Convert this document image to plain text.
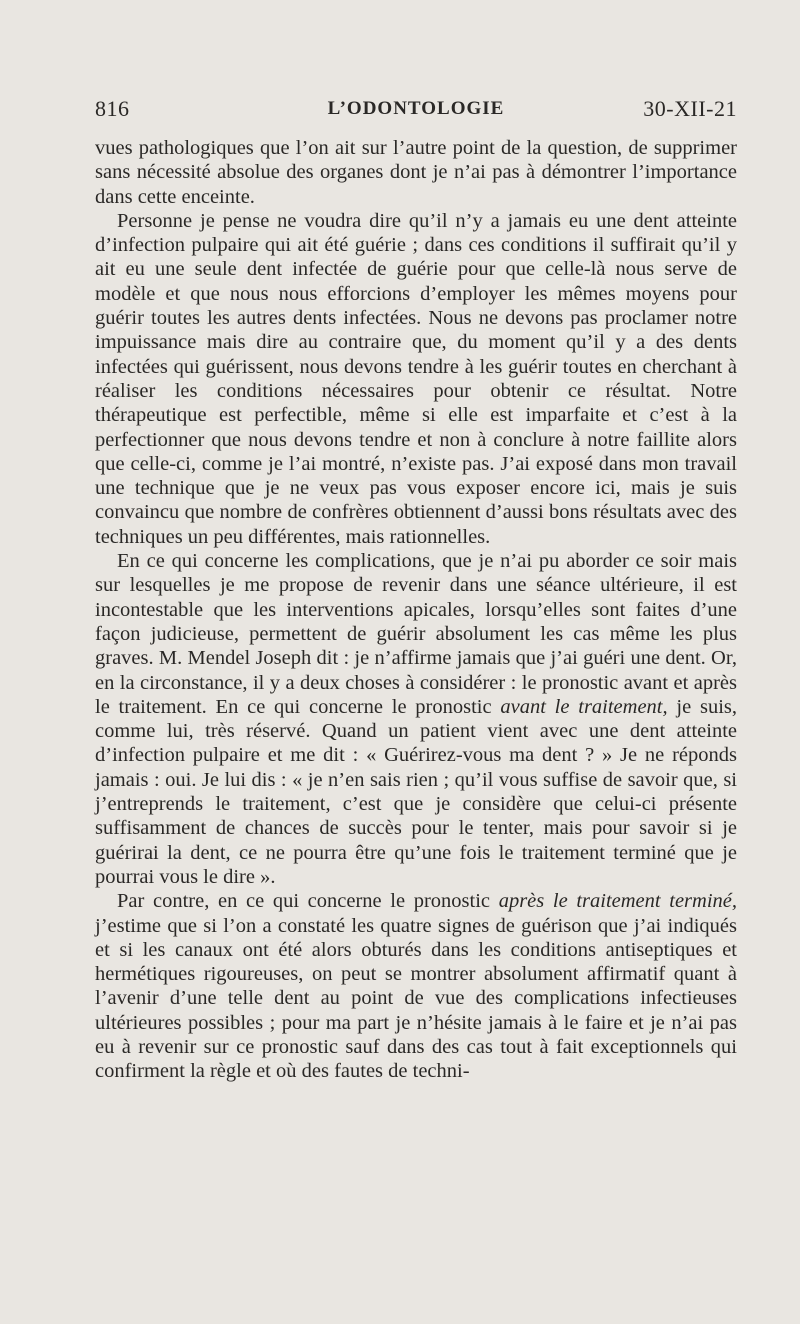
816	L’ODONTOLOGIE	30-XII-21

vues pathologiques que l’on ait sur l’autre point de la question, de supprimer sans nécessité absolue des organes dont je n’ai pas à démontrer l’importance dans cette enceinte.

Personne je pense ne voudra dire qu’il n’y a jamais eu une dent atteinte d’infection pulpaire qui ait été guérie ; dans ces conditions il suffirait qu’il y ait eu une seule dent infectée de guérie pour que celle-là nous serve de modèle et que nous nous efforcions d’employer les mêmes moyens pour guérir toutes les autres dents infectées. Nous ne devons pas proclamer notre impuissance mais dire au contraire que, du moment qu’il y a des dents infectées qui guérissent, nous devons tendre à les guérir toutes en cherchant à réaliser les conditions nécessaires pour obtenir ce résultat. Notre thérapeutique est perfectible, même si elle est imparfaite et c’est à la perfectionner que nous devons tendre et non à conclure à notre faillite alors que celle-ci, comme je l’ai montré, n’existe pas. J’ai exposé dans mon travail une technique que je ne veux pas vous exposer encore ici, mais je suis convaincu que nombre de confrères obtiennent d’aussi bons résultats avec des techniques un peu différentes, mais rationnelles.

En ce qui concerne les complications, que je n’ai pu aborder ce soir mais sur lesquelles je me propose de revenir dans une séance ultérieure, il est incontestable que les interventions apicales, lorsqu’elles sont faites d’une façon judicieuse, permettent de guérir absolument les cas même les plus graves. M. Mendel Joseph dit : je n’affirme jamais que j’ai guéri une dent. Or, en la circonstance, il y a deux choses à considérer : le pronostic avant et après le traitement. En ce qui concerne le pronostic avant le traitement, je suis, comme lui, très réservé. Quand un patient vient avec une dent atteinte d’infection pulpaire et me dit : « Guérirez-vous ma dent ? » Je ne réponds jamais : oui. Je lui dis : « je n’en sais rien ; qu’il vous suffise de savoir que, si j’entreprends le traitement, c’est que je considère que celui-ci présente suffisamment de chances de succès pour le tenter, mais pour savoir si je guérirai la dent, ce ne pourra être qu’une fois le traitement terminé que je pourrai vous le dire ».

Par contre, en ce qui concerne le pronostic après le traitement terminé, j’estime que si l’on a constaté les quatre signes de guérison que j’ai indiqués et si les canaux ont été alors obturés dans les conditions antiseptiques et hermétiques rigoureuses, on peut se montrer absolument affirmatif quant à l’avenir d’une telle dent au point de vue des complications infectieuses ultérieures possibles ; pour ma part je n’hésite jamais à le faire et je n’ai pas eu à revenir sur ce pronostic sauf dans des cas tout à fait exceptionnels qui confirment la règle et où des fautes de techni-
